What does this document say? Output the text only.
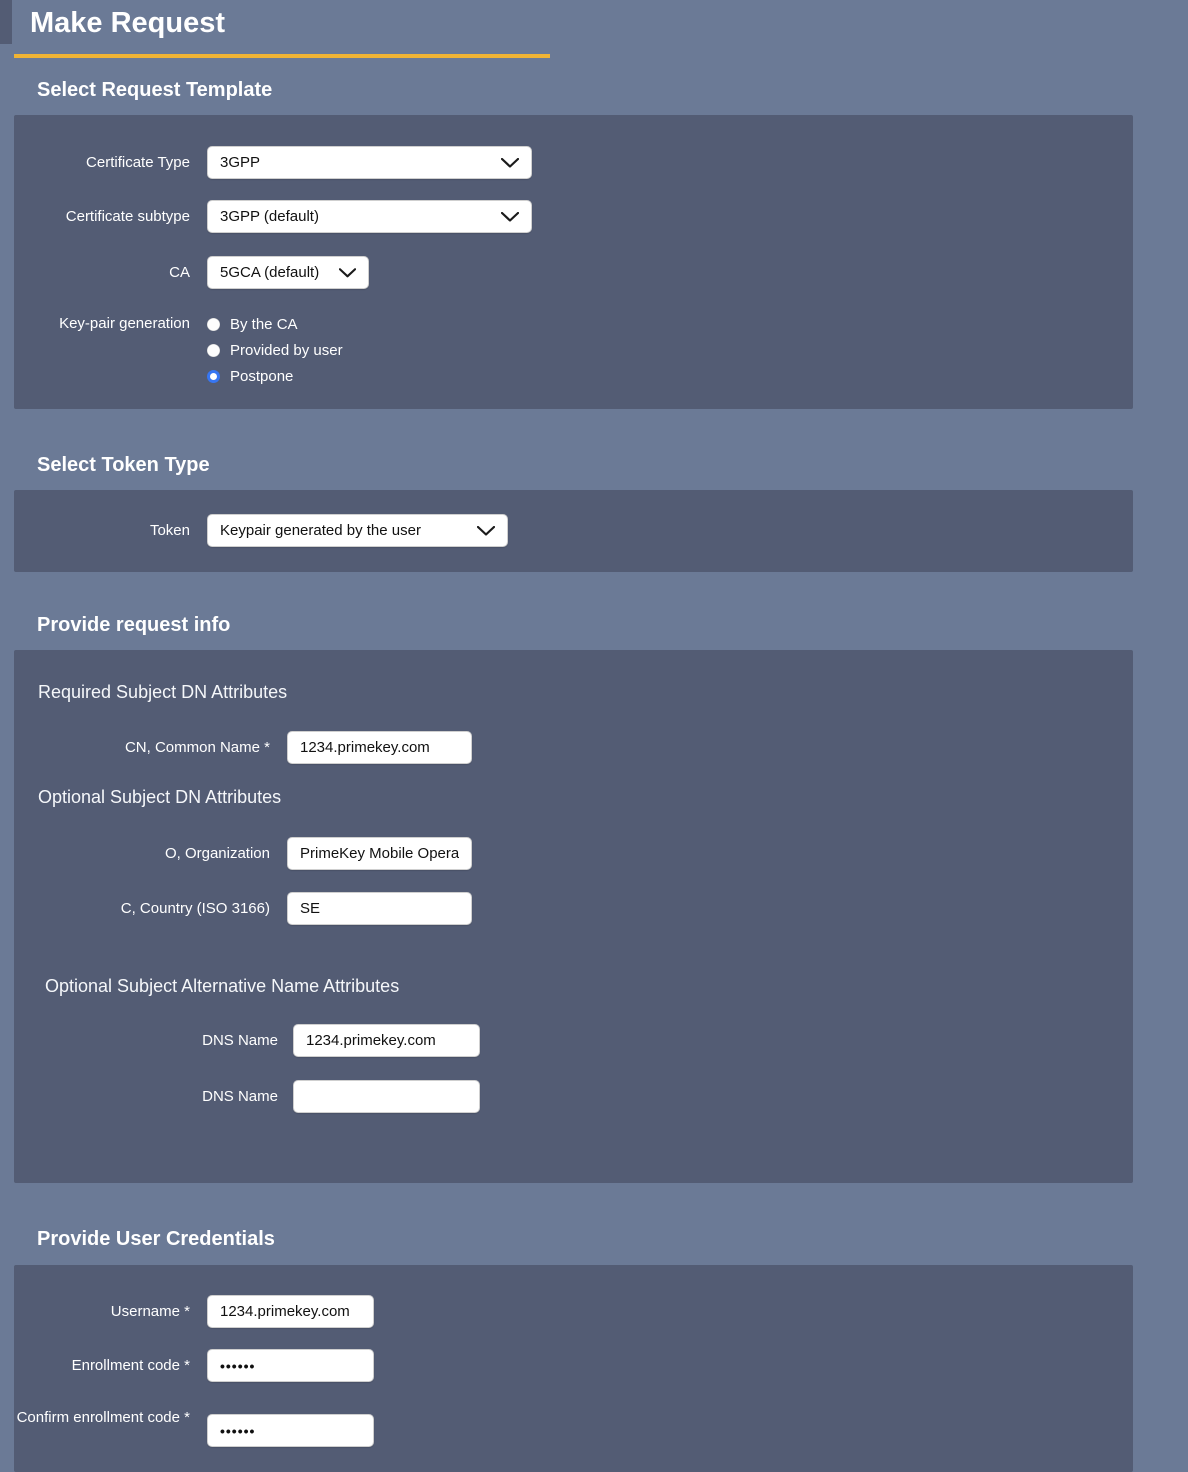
Make Request
Select Request Template
Certificate Type 3GPP
Certificate subtype 3GPP (default)
CA 5GCA (default)
Key-pair generation	By the CA
Provided by user
Postpone
Select Token Type
Token Keypair generated by the user
Provide request info
Required Subject DN Attributes
CN, Common Name *
1234.primekey.com
Optional Subject DN Attributes
O, Organization
PrimeKey Mobile Operator
C, Country (ISO 3166)
SE
Optional Subject Alternative Name Attributes
DNS Name
1234.primekey.com
DNS Name
Provide User Credentials
Username *
1234.primekey.com
Enrollment code *
••••••
Confirm enrollment code *
••••••
